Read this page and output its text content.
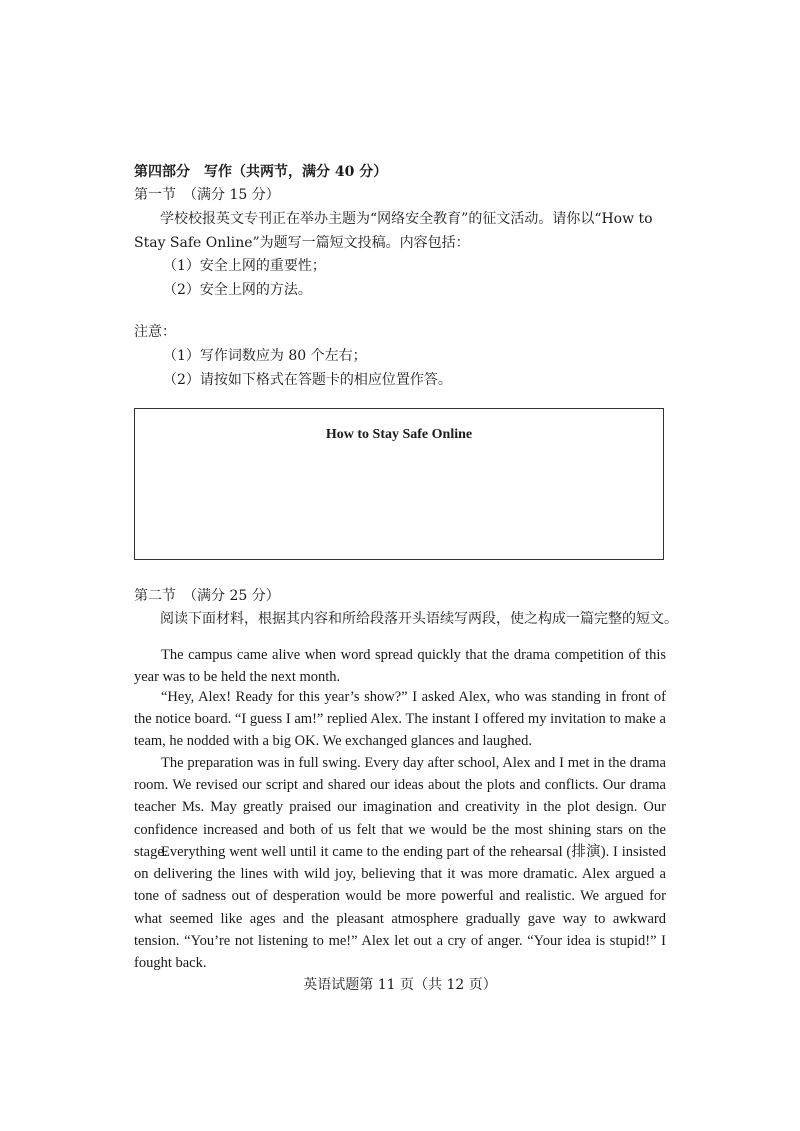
第四部分　写作（共两节，满分 40 分）
第一节　（满分 15 分）
学校校报英文专刊正在举办主题为“网络安全教育”的征文活动。请你以“How to
Stay Safe Online”为题写一篇短文投稿。内容包括：
（1）安全上网的重要性；
（2）安全上网的方法。
注意：
（1）写作词数应为 80 个左右；
（2）请按如下格式在答题卡的相应位置作答。
How to Stay Safe Online
第二节　（满分 25 分）
阅读下面材料，根据其内容和所给段落开头语续写两段，使之构成一篇完整的短文。

The campus came alive when word spread quickly that the drama competition of this year was to be held the next month.

“Hey, Alex! Ready for this year’s show?” I asked Alex, who was standing in front of the notice board. “I guess I am!” replied Alex. The instant I offered my invitation to make a team, he nodded with a big OK. We exchanged glances and laughed.

The preparation was in full swing. Every day after school, Alex and I met in the drama room. We revised our script and shared our ideas about the plots and conflicts. Our drama teacher Ms. May greatly praised our imagination and creativity in the plot design. Our confidence increased and both of us felt that we would be the most shining stars on the stage.

Everything went well until it came to the ending part of the rehearsal (排演). I insisted on delivering the lines with wild joy, believing that it was more dramatic. Alex argued a tone of sadness out of desperation would be more powerful and realistic. We argued for what seemed like ages and the pleasant atmosphere gradually gave way to awkward tension. “You’re not listening to me!” Alex let out a cry of anger. “Your idea is stupid!” I fought back.

英语试题第 11 页（共 12 页）
